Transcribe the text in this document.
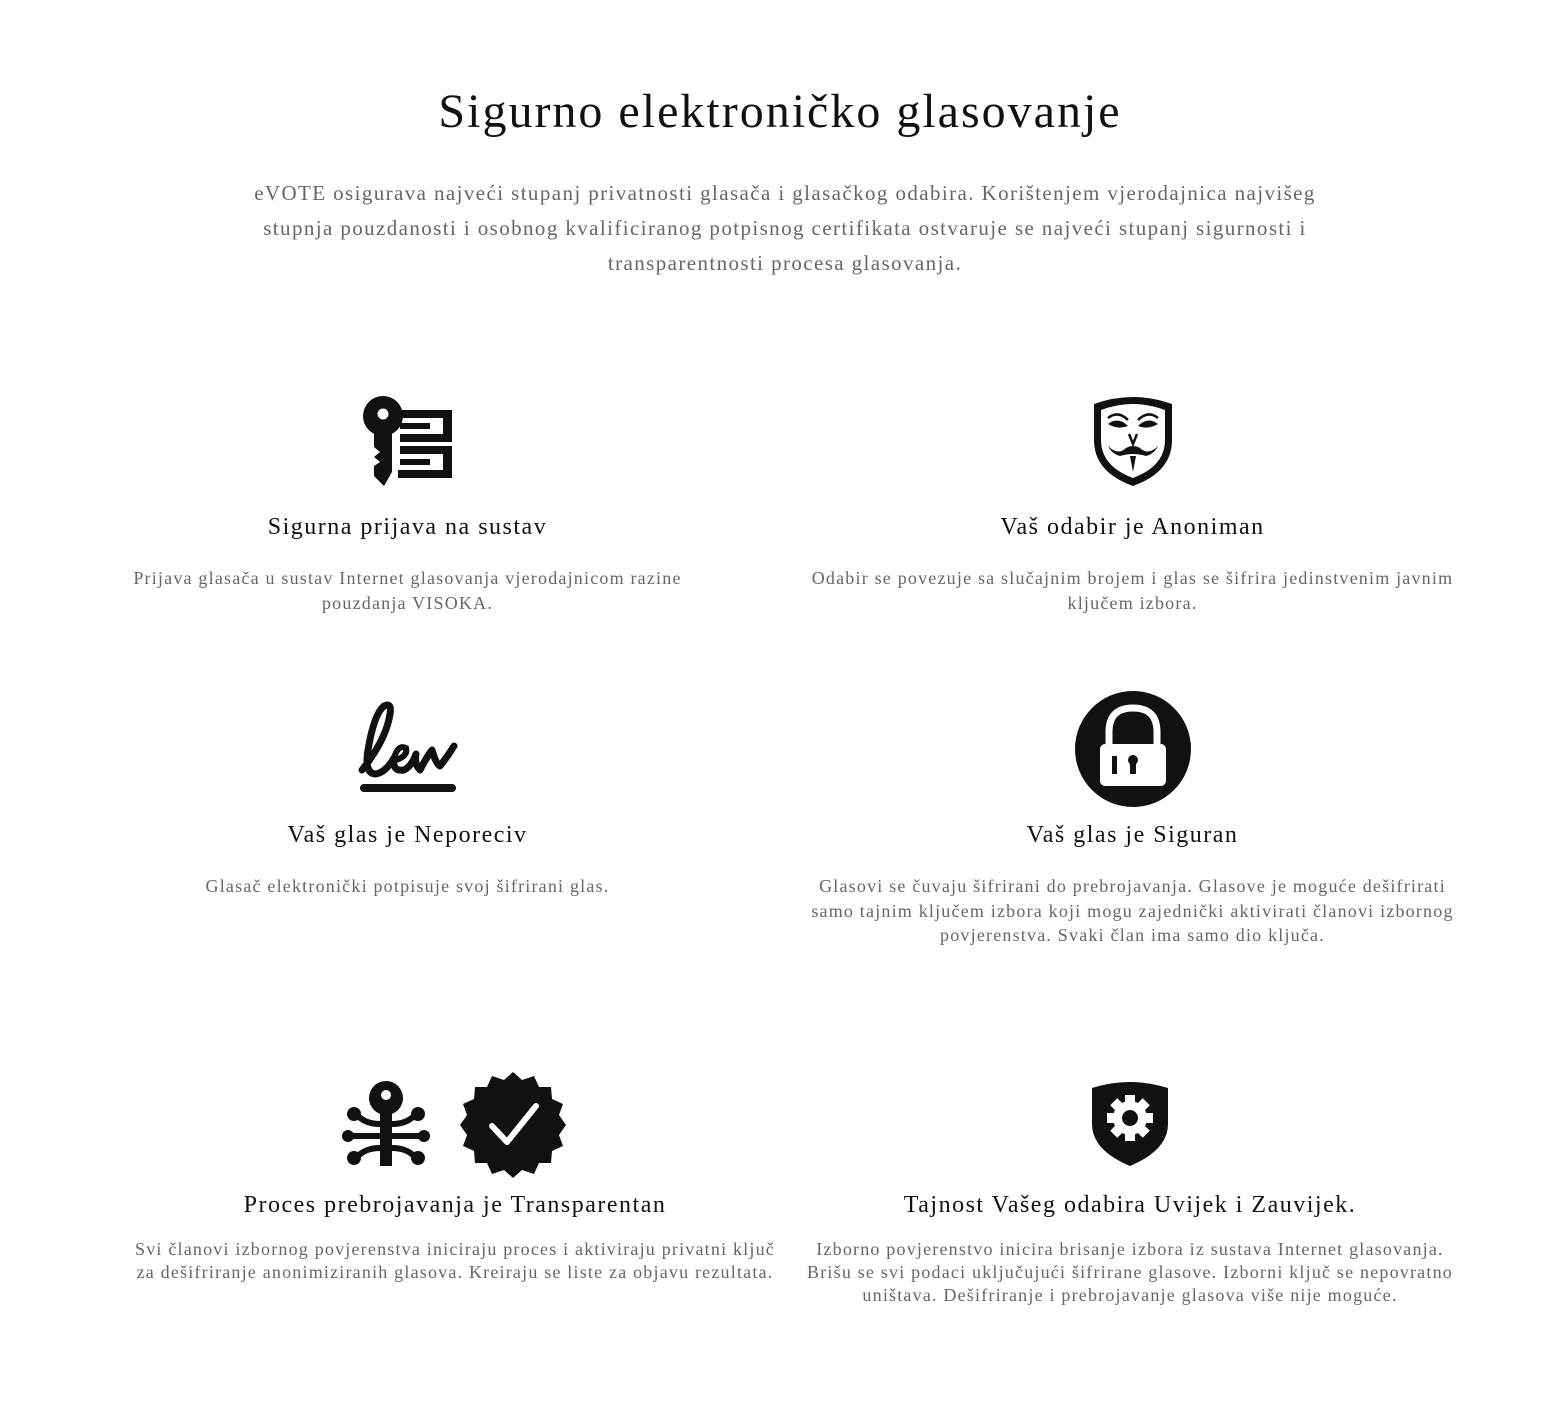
Sigurno elektroničko glasovanje

eVOTE osigurava najveći stupanj privatnosti glasača i glasačkog odabira. Korištenjem vjerodajnica najvišeg stupnja pouzdanosti i osobnog kvalificiranog potpisnog certifikata ostvaruje se najveći stupanj sigurnosti i transparentnosti procesa glasovanja.

Sigurna prijava na sustav
Prijava glasača u sustav Internet glasovanja vjerodajnicom razine pouzdanja VISOKA.
Vaš odabir je Anoniman
Odabir se povezuje sa slučajnim brojem i glas se šifrira jedinstvenim javnim ključem izbora.
Vaš glas je Neporeciv
Glasač elektronički potpisuje svoj šifrirani glas.
Vaš glas je Siguran
Glasovi se čuvaju šifrirani do prebrojavanja. Glasove je moguće dešifrirati samo tajnim ključem izbora koji mogu zajednički aktivirati članovi izbornog povjerenstva. Svaki član ima samo dio ključa.
Proces prebrojavanja je Transparentan
Svi članovi izbornog povjerenstva iniciraju proces i aktiviraju privatni ključ za dešifriranje anonimiziranih glasova. Kreiraju se liste za objavu rezultata.
Tajnost Vašeg odabira Uvijek i Zauvijek.
Izborno povjerenstvo inicira brisanje izbora iz sustava Internet glasovanja. Brišu se svi podaci uključujući šifrirane glasove. Izborni ključ se nepovratno uništava. Dešifriranje i prebrojavanje glasova više nije moguće.
